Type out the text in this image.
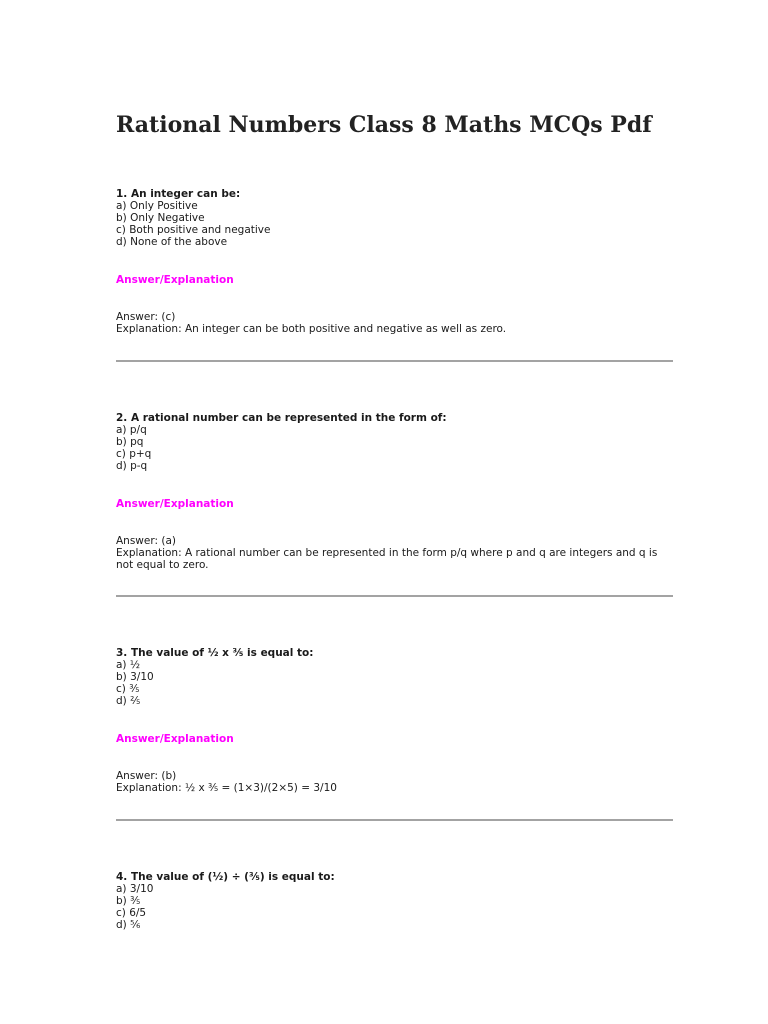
Rational Numbers Class 8 Maths MCQs Pdf
1. An integer can be:
a) Only Positive
b) Only Negative
c) Both positive and negative
d) None of the above
Answer/Explanation
Answer: (c)
Explanation: An integer can be both positive and negative as well as zero.
2. A rational number can be represented in the form of:
a) p/q
b) pq
c) p+q
d) p-q
Answer/Explanation
Answer: (a)
Explanation: A rational number can be represented in the form p/q where p and q are integers and q is not equal to zero.
3. The value of ½ x ⅗ is equal to:
a) ½
b) 3/10
c) ⅗
d) ⅖
Answer/Explanation
Answer: (b)
Explanation: ½ x ⅗ = (1×3)/(2×5) = 3/10
4. The value of (½) ÷ (⅗) is equal to:
a) 3/10
b) ⅗
c) 6/5
d) ⅚
